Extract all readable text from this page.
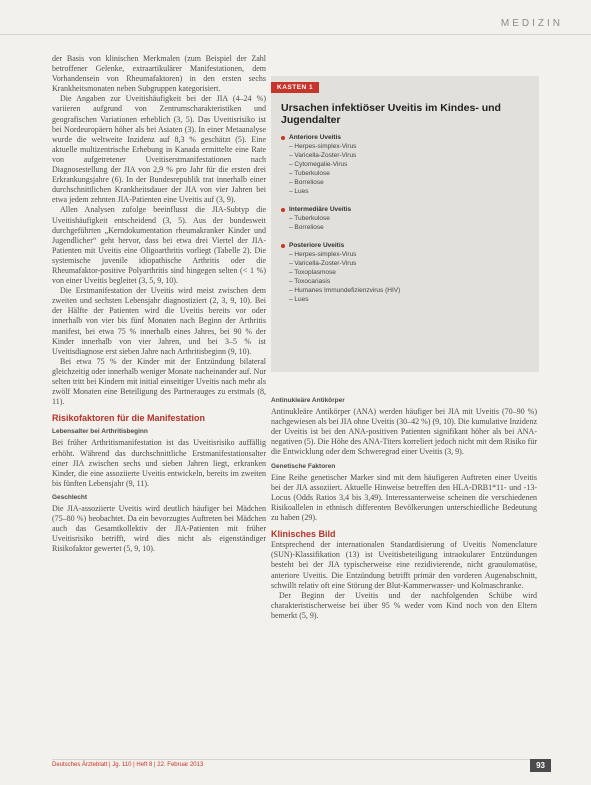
MEDIZIN

der Basis von klinischen Merkmalen (zum Beispiel der Zahl betroffener Gelenke, extraartikulärer Manifestationen, dem Vorhandensein von Rheumafaktoren) in den ersten sechs Krankheitsmonaten neben Subgruppen kategorisiert.

Die Angaben zur Uveitishäufigkeit bei der JIA (4–24 %) variieren aufgrund von Zentrumscharakteristiken und geografischen Variationen erheblich (3, 5). Das Uveitisrisiko ist bei Nordeuropäern höher als bei Asiaten (3). In einer Metaanalyse wurde die weltweite Inzidenz auf 8,3 % geschätzt (5). Eine aktuelle multizentrische Erhebung in Kanada ermittelte eine Rate von aufgetretener Uveitiserstmanifestationen nach Diagnosestellung der JIA von 2,9 % pro Jahr für die ersten drei Erkrankungsjahre (6). In der Bundesrepublik trat innerhalb einer durchschnittlichen Krankheitsdauer der JIA von vier Jahren bei etwa jedem zehnten JIA-Patienten eine Uveitis auf (3, 9).

Allen Analysen zufolge beeinflusst die JIA-Subtyp die Uveitishäufigkeit entscheidend (3, 5). Aus der bundesweit durchgeführten „Kerndokumentation rheumakranker Kinder und Jugendlicher“ geht hervor, dass bei etwa drei Viertel der JIA-Patienten mit Uveitis eine Oligoarthritis vorliegt (Tabelle 2). Die systemische juvenile idiopathische Arthritis oder die Rheumafaktor-positive Polyarthritis sind hingegen selten (< 1 %) von einer Uveitis begleitet (3, 5, 9, 10).

Die Erstmanifestation der Uveitis wird meist zwischen dem zweiten und sechsten Lebensjahr diagnostiziert (2, 3, 9, 10). Bei der Hälfte der Patienten wird die Uveitis bereits vor oder innerhalb von vier bis fünf Monaten nach Beginn der Arthritis manifest, bei etwa 75 % innerhalb eines Jahres, bei 90 % der Kinder innerhalb von vier Jahren, und bei 3–5 % ist Uveitisdiagnose erst sieben Jahre nach Arthritisbeginn (9, 10).

Bei etwa 75 % der Kinder mit der Entzündung bilateral gleichzeitig oder innerhalb weniger Monate nacheinander auf. Nur selten tritt bei Kindern mit initial einseitiger Uveitis nach mehr als zwölf Monaten eine Beteiligung des Partnerauges zu erstmals (8, 11).

Risikofaktoren für die Manifestation
Lebensalter bei Arthritisbeginn

Bei früher Arthritismanifestation ist das Uveitisrisiko auffällig erhöht. Während das durchschnittliche Erstmanifestationsalter einer JIA zwischen sechs und sieben Jahren liegt, erkranken Kinder, die eine assoziierte Uveitis entwickeln, bereits im zweiten bis fünften Lebensjahr (9, 11).

Geschlecht

Die JIA-assoziierte Uveitis wird deutlich häufiger bei Mädchen (75–80 %) beobachtet. Da ein bevorzugtes Auftreten bei Mädchen auch das Gesamtkollektiv der JIA-Patienten mit früher Uveitisrisiko betrifft, wird dies nicht als eigenständiger Risikofaktor gewertet (5, 9, 10).

KASTEN 1
Ursachen infektiöser Uveitis im Kindes- und Jugendalter
Anteriore Uveitis
– Herpes-simplex-Virus
– Varicella-Zoster-Virus
– Cytomegalie-Virus
– Tuberkulose
– Borreliose
– Lues
Intermediäre Uveitis
– Tuberkulose
– Borreliose
Posteriore Uveitis
– Herpes-simplex-Virus
– Varicella-Zoster-Virus
– Toxoplasmose
– Toxocariasis
– Humanes Immundefizienzvirus (HIV)
– Lues
Antinukleäre Antikörper

Antinukleäre Antikörper (ANA) werden häufiger bei JIA mit Uveitis (70–90 %) nachgewiesen als bei JIA ohne Uveitis (30–42 %) (9, 10). Die kumulative Inzidenz der Uveitis ist bei den ANA-positiven Patienten signifikant höher als bei ANA-negativen (5). Die Höhe des ANA-Titers korreliert jedoch nicht mit dem Risiko für die Entwicklung oder dem Schweregrad einer Uveitis (3, 9).

Genetische Faktoren

Eine Reihe genetischer Marker sind mit dem häufigeren Auftreten einer Uveitis bei der JIA assoziiert. Aktuelle Hinweise betreffen den HLA-DRB1*11- und -13-Locus (Odds Ratios 3,4 bis 3,49). Interessanterweise scheinen die verschiedenen Risikoallelen in ethnisch differenten Bevölkerungen unterschiedliche Bedeutung zu haben (29).

Klinisches Bild

Entsprechend der internationalen Standardisierung of Uveitis Nomenclature (SUN)-Klassifikation (13) ist Uveitisbeteiligung intraokularer Entzündungen besteht bei der JIA typischerweise eine rezidivierende, nicht granulomatöse, anteriore Uveitis. Die Entzündung betrifft primär den vorderen Augenabschnitt, schwillt relativ oft eine Störung der Blut-Kammerwasser- und Kolmaschranke.

Der Beginn der Uveitis und der nachfolgenden Schübe wird charakteristischerweise bei über 95 % weder vom Kind noch von den Eltern bemerkt (5, 9).

Deutsches Ärzteblatt | Jg. 110 | Heft 8 | 22. Februar 2013	93
